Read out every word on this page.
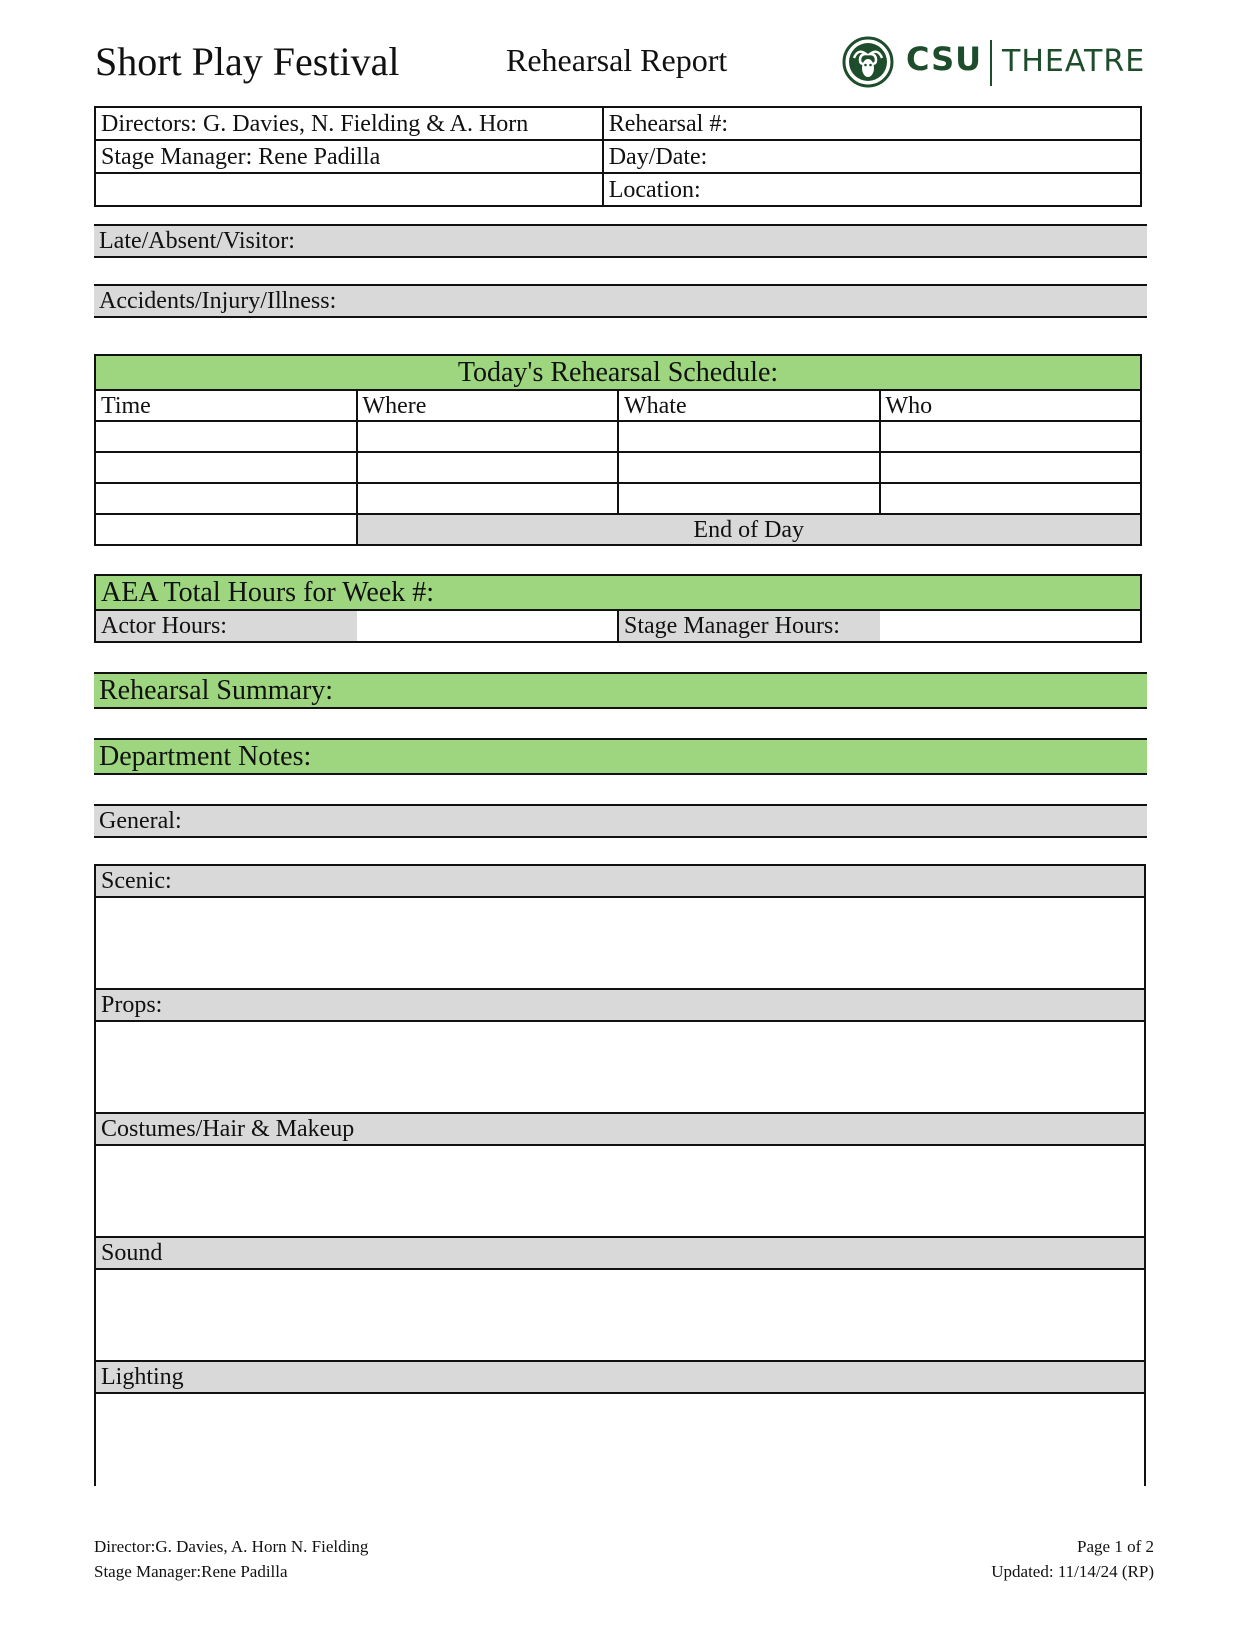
Short Play Festival	Rehearsal Report	CSU THEATRE
Directors: G. Davies, N. Fielding & A. Horn	Rehearsal #:
Stage Manager: Rene Padilla	Day/Date:
	Location:
Late/Absent/Visitor:
Accidents/Injury/Illness:
Today's Rehearsal Schedule:			
Time	Where	Whate	Who

	End of Day		
AEA Total Hours for Week #:
Actor Hours:		Stage Manager Hours:	
Rehearsal Summary:
Department Notes:
General:
Scenic:
Props:
Costumes/Hair & Makeup
Sound
Lighting
Director:G. Davies, A. Horn N. Fielding
Stage Manager:Rene Padilla
Page 1 of 2
Updated: 11/14/24 (RP)
